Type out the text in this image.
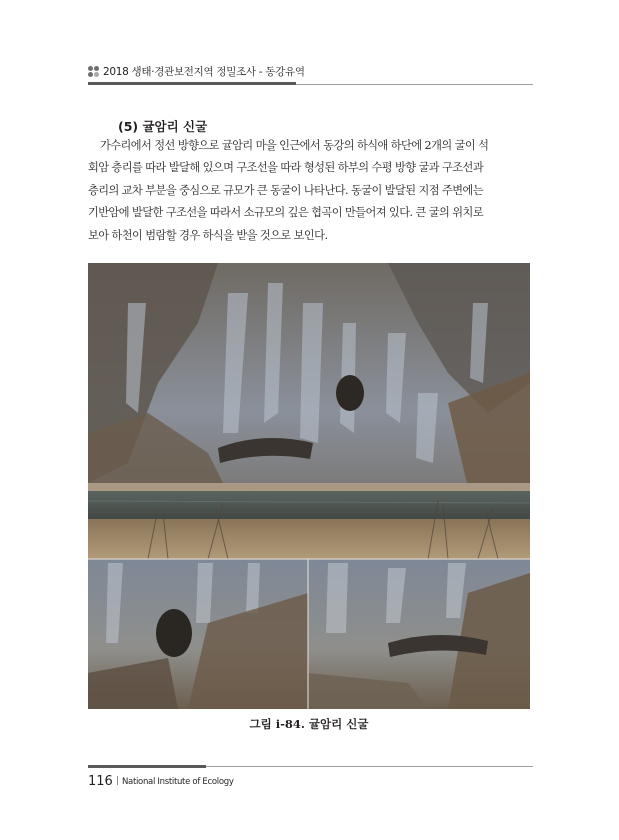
2018 생태·경관보전지역 정밀조사 - 동강유역
(5) 귤암리 신굴

가수리에서 정선 방향으로 귤암리 마을 인근에서 동강의 하식애 하단에 2개의 굴이 석

회암 층리를 따라 발달해 있으며 구조선을 따라 형성된 하부의 수평 방향 굴과 구조선과

층리의 교차 부분을 중심으로 규모가 큰 동굴이 나타난다. 동굴이 발달된 지점 주변에는

기반암에 발달한 구조선을 따라서 소규모의 깊은 협곡이 만들어져 있다. 큰 굴의 위치로

보아 하천이 범람할 경우 하식을 받을 것으로 보인다.

그림 i-84. 귤암리 신굴
116 | National Institute of Ecology
